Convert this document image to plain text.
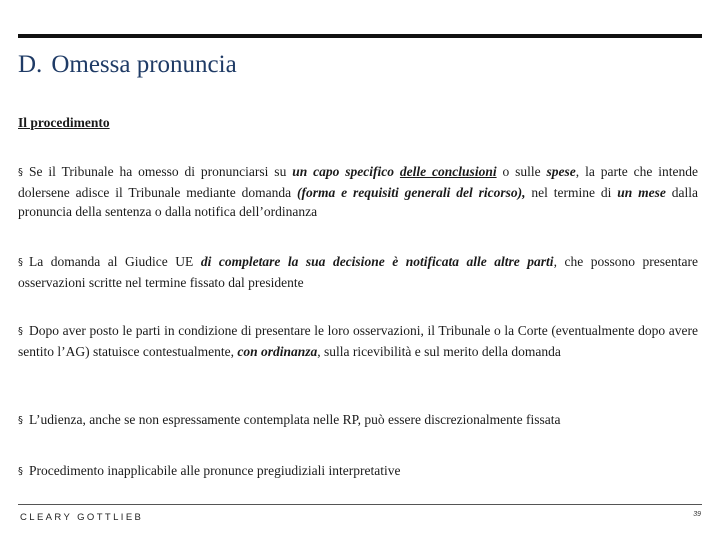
D. Omessa pronuncia
Il procedimento
§ Se il Tribunale ha omesso di pronunciarsi su un capo specifico delle conclusioni o sulle spese, la parte che intende dolersene adisce il Tribunale mediante domanda (forma e requisiti generali del ricorso), nel termine di un mese dalla pronuncia della sentenza o dalla notifica dell’ordinanza
§ La domanda al Giudice UE di completare la sua decisione è notificata alle altre parti, che possono presentare osservazioni scritte nel termine fissato dal presidente
§ Dopo aver posto le parti in condizione di presentare le loro osservazioni, il Tribunale o la Corte (eventualmente dopo avere sentito l’AG) statuisce contestualmente, con ordinanza, sulla ricevibilità e sul merito della domanda
§ L’udienza, anche se non espressamente contemplata nelle RP, può essere discrezionalmente fissata
§ Procedimento inapplicabile alle pronunce pregiudiziali interpretative
CLEARY GOTTLIEB	39
